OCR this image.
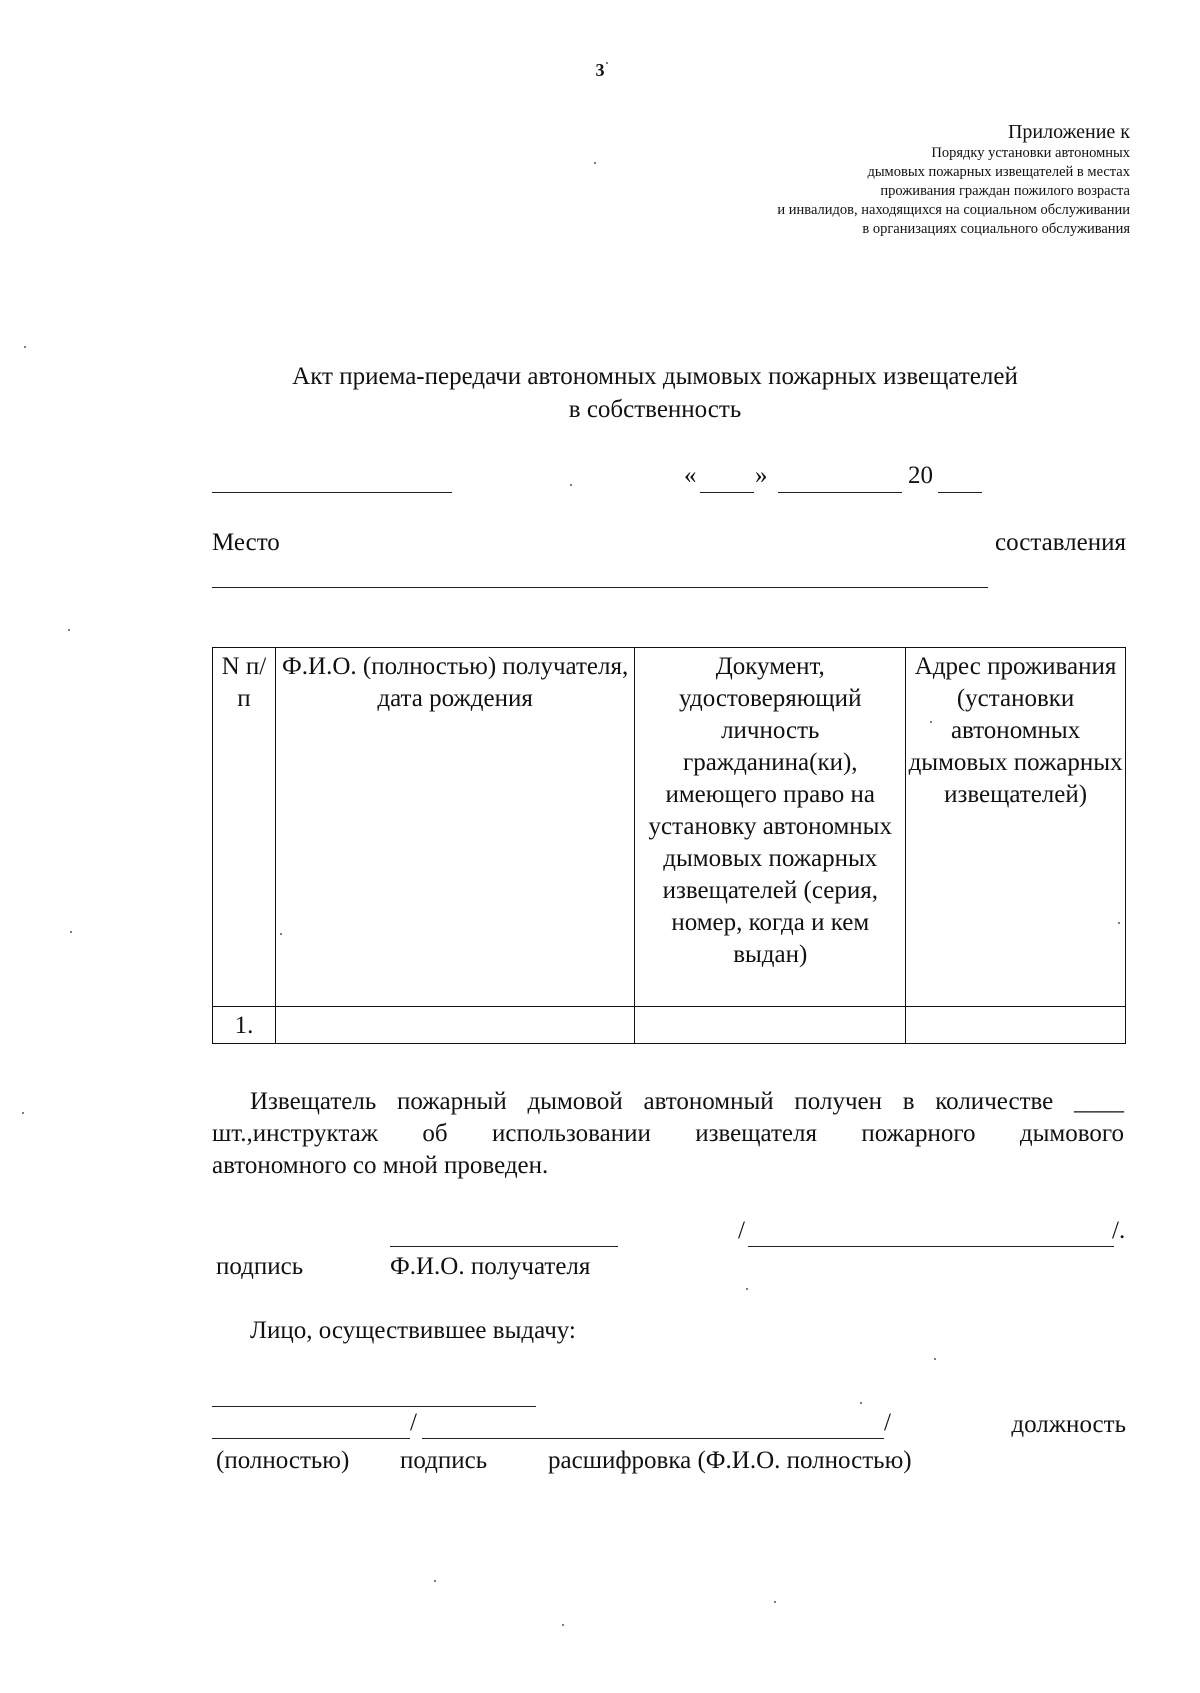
3
Приложение к
Порядку установки автономных
дымовых пожарных извещателей в местах
проживания граждан пожилого возраста
и инвалидов, находящихся на социальном обслуживании
в организациях социального обслуживания
Акт приема-передачи автономных дымовых пожарных извещателей
в собственность
« »	20
Место	составления
N п/п	Ф.И.О. (полностью) получателя, дата рождения	Документ, удостоверяющий личность гражданина(ки), имеющего право на установку автономных дымовых пожарных извещателей (серия, номер, когда и кем выдан)	Адрес проживания (установки автономных дымовых пожарных извещателей)
1.			
Извещатель пожарный дымовой автономный получен в количестве ____
шт.,инструктаж об использовании извещателя пожарного дымового
автономного со мной проведен.
/	/.
подпись	Ф.И.О. получателя
Лицо, осуществившее выдачу:
/	/	должность
(полностью) подпись расшифровка (Ф.И.О. полностью)
